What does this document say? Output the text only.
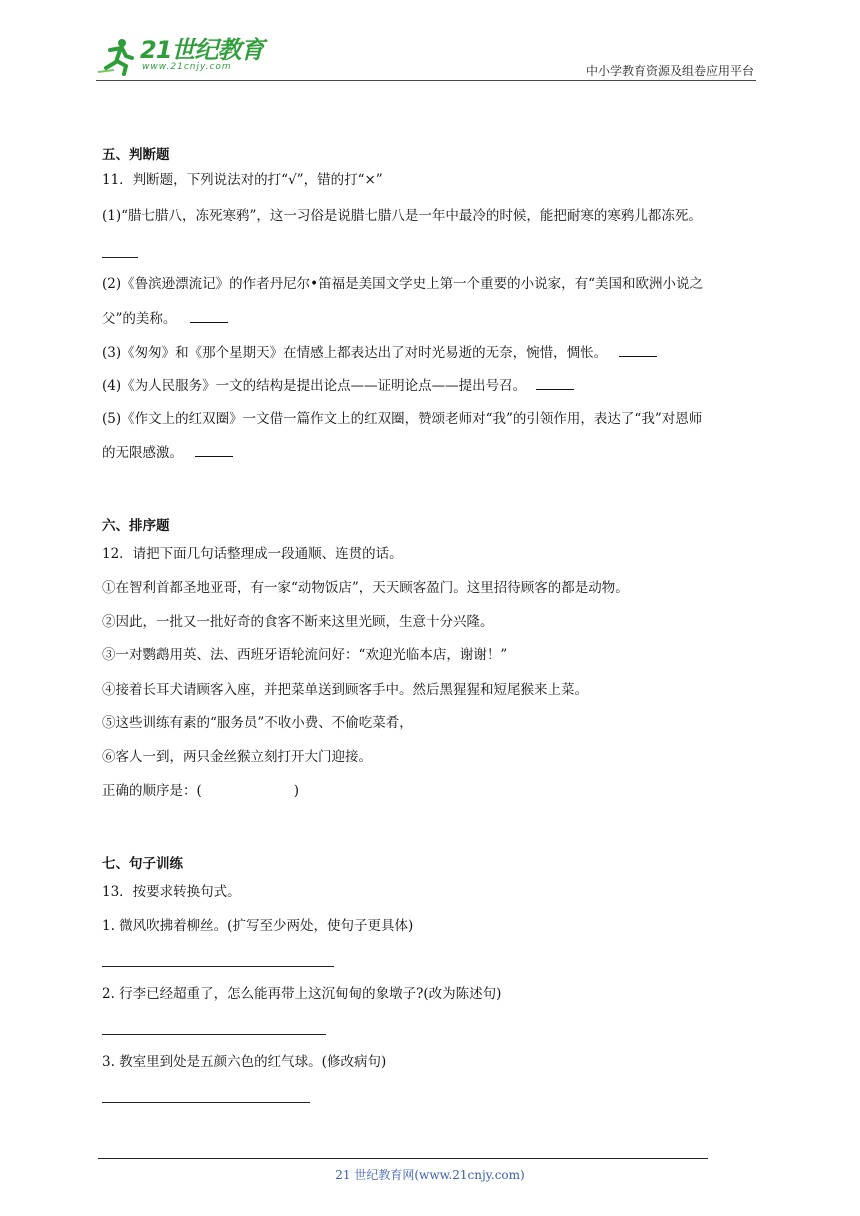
21世纪教育
www.21cnjy.com	中小学教育资源及组卷应用平台
五、判断题
11．判断题，下列说法对的打“√”，错的打“×”
(1)“腊七腊八，冻死寒鸦”，这一习俗是说腊七腊八是一年中最冷的时候，能把耐寒的寒鸦儿都冻死。
(2)《鲁滨逊漂流记》的作者丹尼尔•笛福是美国文学史上第一个重要的小说家，有“美国和欧洲小说之
父”的美称。
(3)《匆匆》和《那个星期天》在情感上都表达出了对时光易逝的无奈，惋惜，惆怅。
(4)《为人民服务》一文的结构是提出论点——证明论点——提出号召。
(5)《作文上的红双圈》一文借一篇作文上的红双圈，赞颂老师对“我”的引领作用，表达了“我”对恩师
的无限感激。
六、排序题
12．请把下面几句话整理成一段通顺、连贯的话。
①在智利首都圣地亚哥，有一家“动物饭店”，天天顾客盈门。这里招待顾客的都是动物。
②因此，一批又一批好奇的食客不断来这里光顾，生意十分兴隆。
③一对鹦鹉用英、法、西班牙语轮流问好：“欢迎光临本店，谢谢！”
④接着长耳犬请顾客入座，并把菜单送到顾客手中。然后黑猩猩和短尾猴来上菜。
⑤这些训练有素的“服务员”不收小费、不偷吃菜肴，
⑥客人一到，两只金丝猴立刻打开大门迎接。
正确的顺序是：(	)
七、句子训练
13．按要求转换句式。
1. 微风吹拂着柳丝。(扩写至少两处，使句子更具体)
2. 行李已经超重了，怎么能再带上这沉甸甸的象墩子?(改为陈述句)
3. 教室里到处是五颜六色的红气球。(修改病句)
21 世纪教育网(www.21cnjy.com)
